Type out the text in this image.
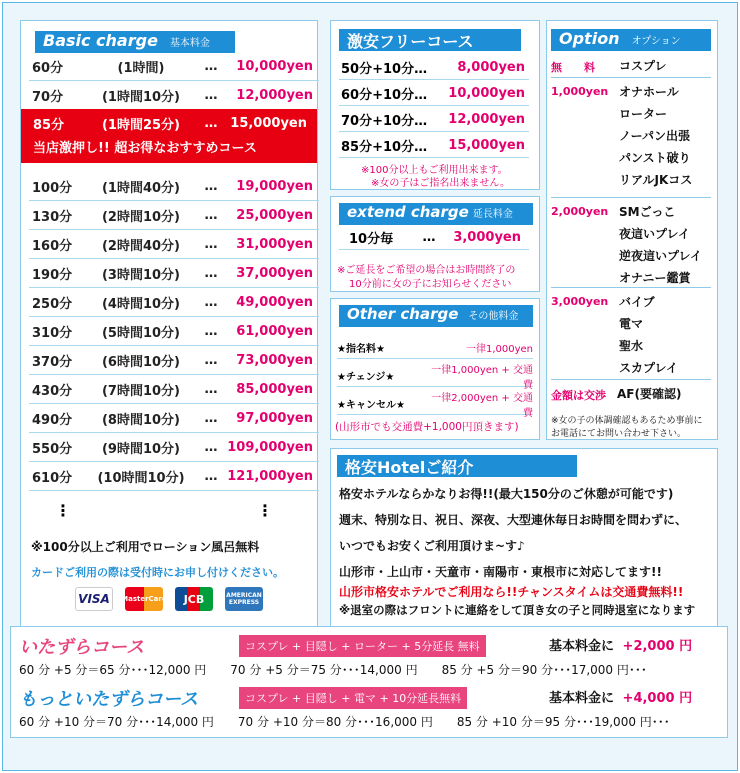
Basic charge 基本料金
60分	(1時間)	…	10,000yen
70分	(1時間10分)	…	12,000yen
85分	(1時間25分)	… 15,000yen
当店激押し!! 超お得なおすすめコース
100分	(1時間40分)	…	19,000yen
130分	(2時間10分)	…	25,000yen
160分	(2時間40分)	…	31,000yen
190分	(3時間10分)	…	37,000yen
250分	(4時間10分)	…	49,000yen
310分	(5時間10分)	…	61,000yen
370分	(6時間10分)	…	73,000yen
430分	(7時間10分)	…	85,000yen
490分	(8時間10分)	…	97,000yen
550分	(9時間10分)	… 109,000yen
610分	(10時間10分)	… 121,000yen
⋮	⋮
※100分以上ご利用でローション風呂無料
カードご利用の際は受付時にお申し付けください。
VISA MasterCard JCB	AMERICAN EXPRESS
激安フリーコース
50分+10分…	8,000yen
60分+10分…	10,000yen
70分+10分…	12,000yen
85分+10分…	15,000yen
※100分以上もご利用出来ます。
※女の子はご指名出来ません。
extend charge 延長料金
10分毎	…	3,000yen
※ご延長をご希望の場合はお時間終了の
10分前に女の子にお知らせください
Other charge その他料金
★指名料★	一律1,000yen
★チェンジ★
一律1,000yen + 交通費
★キャンセル★
一律2,000yen + 交通費
(山形市でも交通費+1,000円頂きます)
Option オプション
無　　料 コスプレ
1,000yen オナホール
ローター
ノーパン出張
パンスト破り
リアルJKコス
2,000yen SMごっこ
夜這いプレイ
逆夜這いプレイ
オナニー鑑賞
3,000yen バイブ
電マ
聖水
スカプレイ
金額は交渉 AF(要確認)
※女の子の体調確認もあるため事前に
お電話にてお問い合わせ下さい。
格安Hotelご紹介
格安ホテルならかなりお得!!(最大150分のご休憩が可能です)
週末、特別な日、祝日、深夜、大型連休毎日お時間を問わずに、
いつでもお安くご利用頂けま~す♪
山形市・上山市・天童市・南陽市・東根市に対応してます!!
山形市格安ホテルでご利用なら!!チャンスタイムは交通費無料!!
※退室の際はフロントに連絡をして頂き女の子と同時退室になります
いたずらコース	コスプレ + 目隠し + ローター + 5分延長 無料	基本料金に +2,000 円
60 分 +5 分＝65 分･･･12,000 円　　70 分 +5 分＝75 分･･･14,000 円　　85 分 +5 分＝90 分･･･17,000 円･･･
もっといたずらコース	コスプレ + 目隠し + 電マ + 10分延長無料	基本料金に +4,000 円
60 分 +10 分＝70 分･･･14,000 円　　70 分 +10 分＝80 分･･･16,000 円　　85 分 +10 分＝95 分･･･19,000 円･･･
